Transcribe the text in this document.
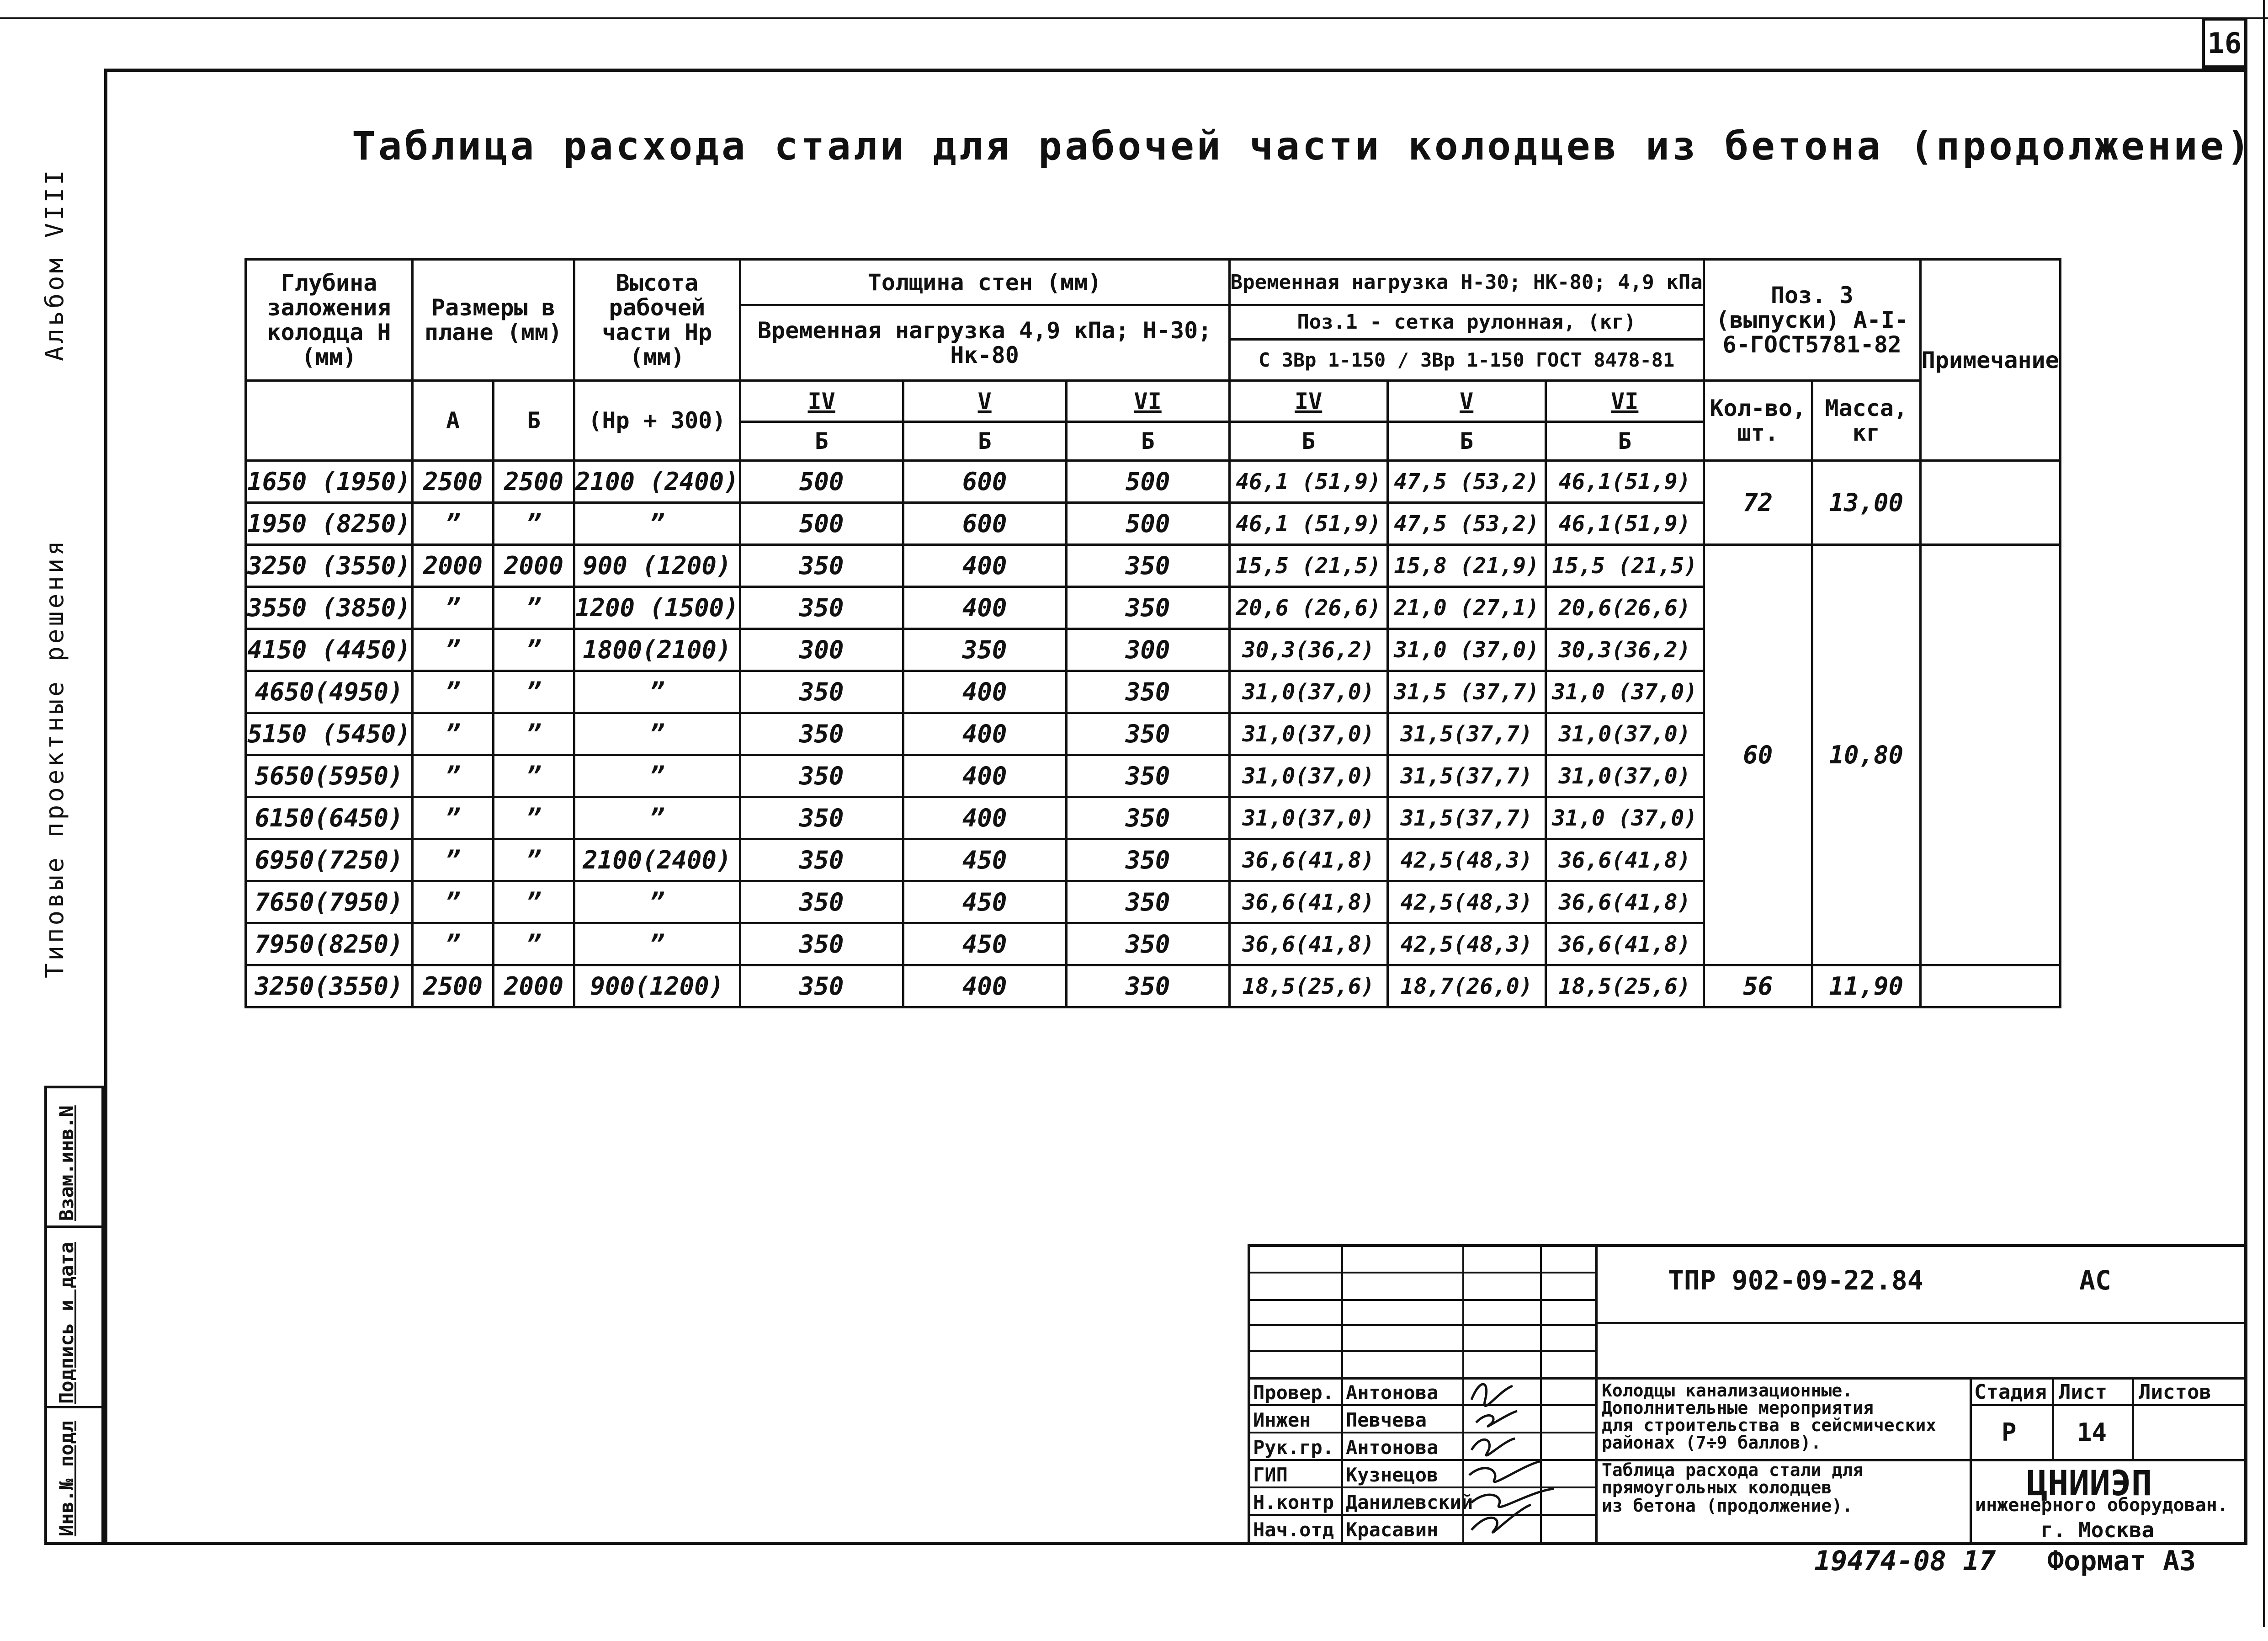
16
Таблица расхода стали для рабочей части колодцев из бетона (продолжение)
Альбом VIII
Типовые проектные решения
Инв.№ подл
Подпись и дата
Взам.инв.N
Глубина заложения колодца Н (мм)	Размеры в плане (мм)		Высота рабочей части Нр (мм)	Толщина стен (мм)			Временная нагрузка Н-30; НК-80; 4,9 кПа			Поз. 3 (выпуски) А-I-6-ГОСТ5781-82		Примечание
				Временная нагрузка 4,9 кПа; Н-30; Нк-80			Поз.1 - сетка рулонная, (кг)					
							С 3Вр 1-150 / 3Вр 1-150 ГОСТ 8478-81					
	А	Б	(Нр + 300)	IV	V	VI	IV	V	VI	Кол-во, шт.	Масса, кг	
				Б	Б	Б	Б	Б	Б			
1650 (1950)	2500	2500	2100 (2400)	500	600	500	46,1 (51,9)	47,5 (53,2)	46,1(51,9)	72	13,00	
1950 (8250)	”	”	”	500	600	500	46,1 (51,9)	47,5 (53,2)	46,1(51,9)			
3250 (3550)	2000	2000	900 (1200)	350	400	350	15,5 (21,5)	15,8 (21,9)	15,5 (21,5)	60	10,80	
3550 (3850)	”	”	1200 (1500)	350	400	350	20,6 (26,6)	21,0 (27,1)	20,6(26,6)			
4150 (4450)	”	”	1800(2100)	300	350	300	30,3(36,2)	31,0 (37,0)	30,3(36,2)			
4650(4950)	”	”	”	350	400	350	31,0(37,0)	31,5 (37,7)	31,0 (37,0)			
5150 (5450)	”	”	”	350	400	350	31,0(37,0)	31,5(37,7)	31,0(37,0)			
5650(5950)	”	”	”	350	400	350	31,0(37,0)	31,5(37,7)	31,0(37,0)			
6150(6450)	”	”	”	350	400	350	31,0(37,0)	31,5(37,7)	31,0 (37,0)			
6950(7250)	”	”	2100(2400)	350	450	350	36,6(41,8)	42,5(48,3)	36,6(41,8)			
7650(7950)	”	”	”	350	450	350	36,6(41,8)	42,5(48,3)	36,6(41,8)			
7950(8250)	”	”	”	350	450	350	36,6(41,8)	42,5(48,3)	36,6(41,8)			
3250(3550)	2500	2000	900(1200)	350	400	350	18,5(25,6)	18,7(26,0)	18,5(25,6)	56	11,90	
ТПР 902-09-22.84	АС
Провер. Антонова
Инжен Певчева
Рук.гр. Антонова
ГИП	Кузнецов
Н.контр Данилевский
Нач.отд Красавин
Колодцы канализационные.
Дополнительные мероприятия
для строительства в сейсмических
районах (7÷9 баллов).
Таблица расхода стали для
прямоугольных колодцев
из бетона (продолжение).
Стадия Лист Листов
Р 14
ЦНИИЭП
инженерного оборудован.
г. Москва
19474-08 17 Формат А3
